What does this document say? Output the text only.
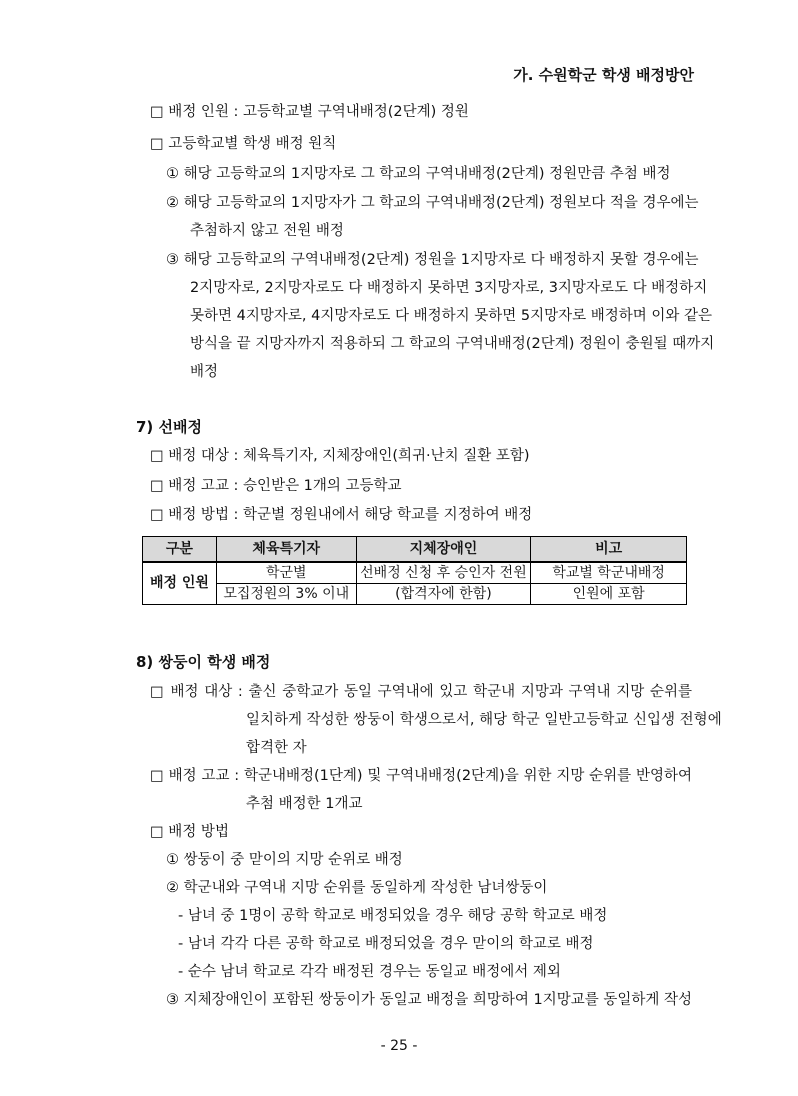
가. 수원학군 학생 배정방안
□ 배정 인원 : 고등학교별 구역내배정(2단계) 정원
□ 고등학교별 학생 배정 원칙
① 해당 고등학교의 1지망자로 그 학교의 구역내배정(2단계) 정원만큼 추첨 배정
② 해당 고등학교의 1지망자가 그 학교의 구역내배정(2단계) 정원보다 적을 경우에는
추첨하지 않고 전원 배정
③ 해당 고등학교의 구역내배정(2단계) 정원을 1지망자로 다 배정하지 못할 경우에는
2지망자로, 2지망자로도 다 배정하지 못하면 3지망자로, 3지망자로도 다 배정하지
못하면 4지망자로, 4지망자로도 다 배정하지 못하면 5지망자로 배정하며 이와 같은
방식을 끝 지망자까지 적용하되 그 학교의 구역내배정(2단계) 정원이 충원될 때까지
배정
7) 선배정
□ 배정 대상 : 체육특기자, 지체장애인(희귀·난치 질환 포함)
□ 배정 고교 : 승인받은 1개의 고등학교
□ 배정 방법 : 학군별 정원내에서 해당 학교를 지정하여 배정
구분	체육특기자	지체장애인	비고
배정 인원	학군별	선배정 신청 후 승인자 전원	학교별 학군내배정
	모집정원의 3% 이내	(합격자에 한함)	인원에 포함
8) 쌍둥이 학생 배정
□ 배정 대상 : 출신 중학교가 동일 구역내에 있고 학군내 지망과 구역내 지망 순위를
일치하게 작성한 쌍둥이 학생으로서, 해당 학군 일반고등학교 신입생 전형에
합격한 자
□ 배정 고교 : 학군내배정(1단계) 및 구역내배정(2단계)을 위한 지망 순위를 반영하여
추첨 배정한 1개교
□ 배정 방법
① 쌍둥이 중 맏이의 지망 순위로 배정
② 학군내와 구역내 지망 순위를 동일하게 작성한 남녀쌍둥이
- 남녀 중 1명이 공학 학교로 배정되었을 경우 해당 공학 학교로 배정
- 남녀 각각 다른 공학 학교로 배정되었을 경우 맏이의 학교로 배정
- 순수 남녀 학교로 각각 배정된 경우는 동일교 배정에서 제외
③ 지체장애인이 포함된 쌍둥이가 동일교 배정을 희망하여 1지망교를 동일하게 작성
- 25 -
